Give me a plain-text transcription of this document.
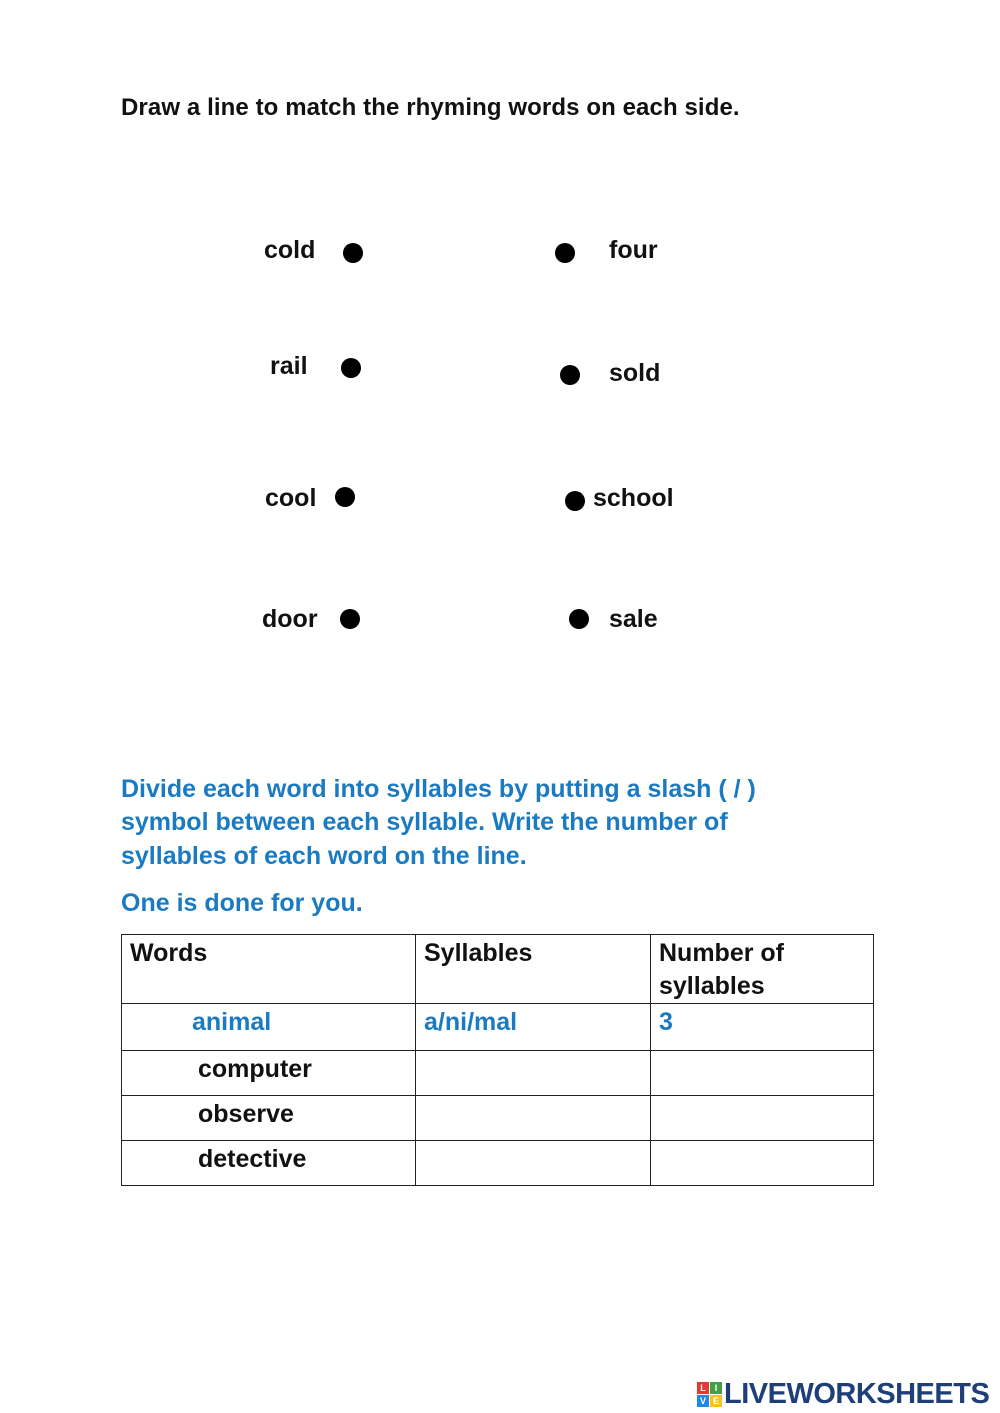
Draw a line to match the rhyming words on each side.
cold
rail
cool
door
four
sold
school
sale
Divide each word into syllables by putting a slash ( / )
symbol between each syllable. Write the number of
syllables of each word on the line.
One is done for you.
Words	Syllables	Number of syllables
animal	a/ni/mal	3
computer		
observe		
detective		
L I
V E LIVEWORKSHEETS
